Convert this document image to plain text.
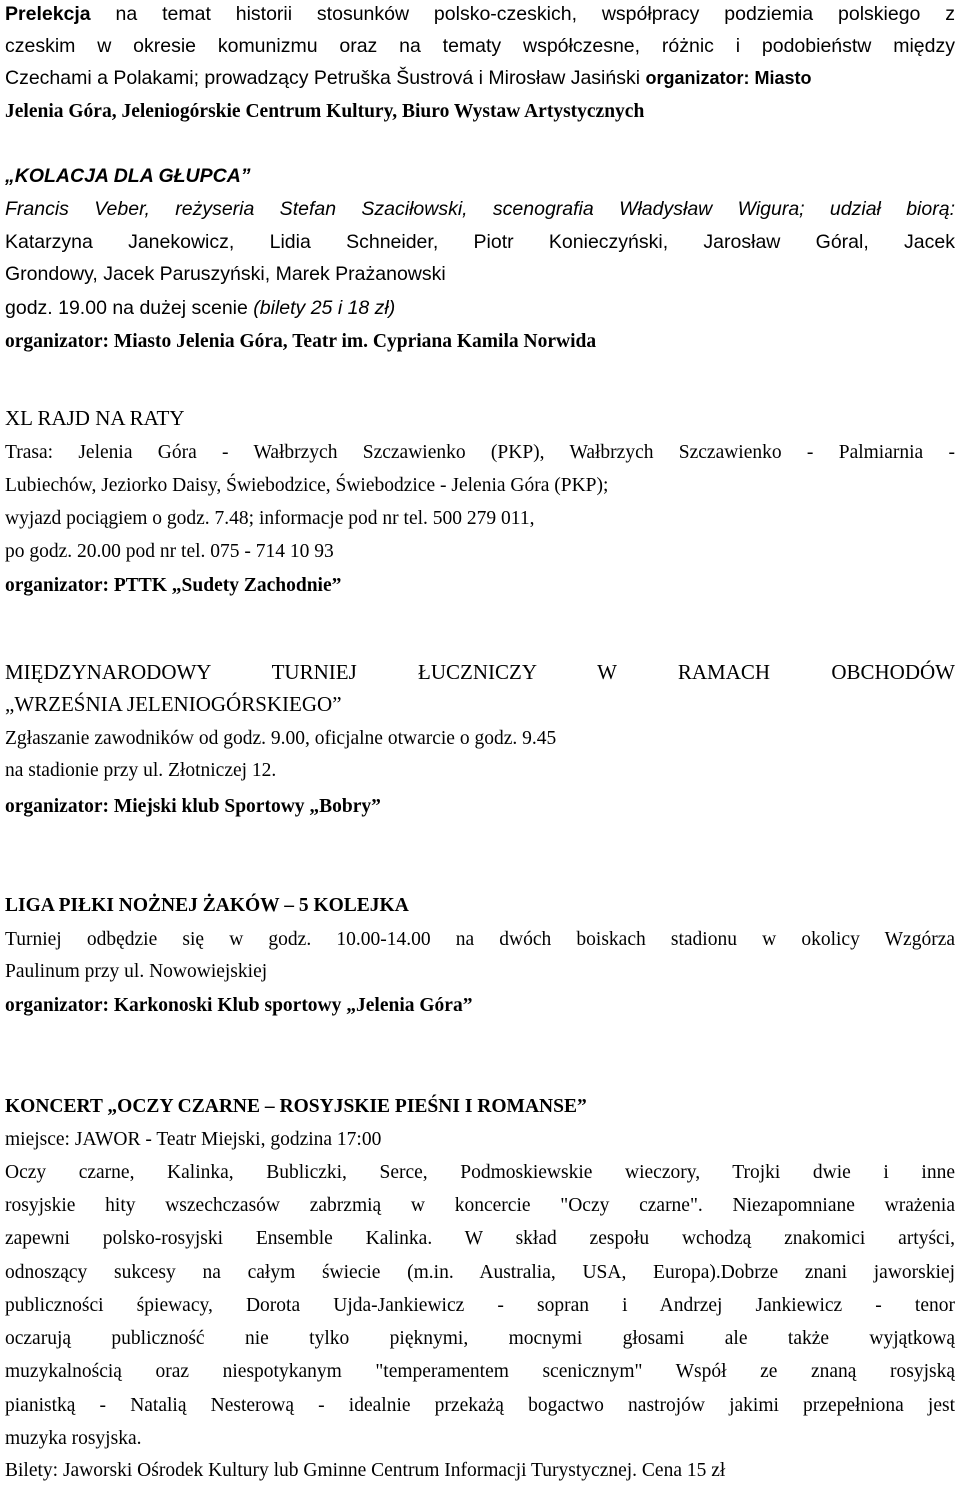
Prelekcja na temat historii stosunków polsko-czeskich, współpracy podziemia polskiego z
czeskim w okresie komunizmu oraz na tematy współczesne, różnic i podobieństw między
Czechami a Polakami; prowadzący Petruška Šustrová i Mirosław Jasiński organizator: Miasto
Jelenia Góra, Jeleniogórskie Centrum Kultury, Biuro Wystaw Artystycznych
„KOLACJA DLA GŁUPCA”
Francis Veber, reżyseria Stefan Szaciłowski, scenografia Władysław Wigura; udział biorą:
Katarzyna Janekowicz, Lidia Schneider, Piotr Konieczyński, Jarosław Góral, Jacek
Grondowy, Jacek Paruszyński, Marek Prażanowski
godz. 19.00 na dużej scenie (bilety 25 i 18 zł)
organizator: Miasto Jelenia Góra, Teatr im. Cypriana Kamila Norwida
XL RAJD NA RATY
Trasa: Jelenia Góra - Wałbrzych Szczawienko (PKP), Wałbrzych Szczawienko - Palmiarnia -
Lubiechów, Jeziorko Daisy, Świebodzice, Świebodzice - Jelenia Góra (PKP);
wyjazd pociągiem o godz. 7.48; informacje pod nr tel. 500 279 011,
po godz. 20.00 pod nr tel. 075 - 714 10 93
organizator: PTTK „Sudety Zachodnie”
MIĘDZYNARODOWY TURNIEJ ŁUCZNICZY W RAMACH OBCHODÓW
„WRZEŚNIA JELENIOGÓRSKIEGO”
Zgłaszanie zawodników od godz. 9.00, oficjalne otwarcie o godz. 9.45
na stadionie przy ul. Złotniczej 12.
organizator: Miejski klub Sportowy „Bobry”
LIGA PIŁKI NOŻNEJ ŻAKÓW – 5 KOLEJKA
Turniej odbędzie się w godz. 10.00-14.00 na dwóch boiskach stadionu w okolicy Wzgórza
Paulinum przy ul. Nowowiejskiej
organizator: Karkonoski Klub sportowy „Jelenia Góra”
KONCERT „OCZY CZARNE – ROSYJSKIE PIEŚNI I ROMANSE”
miejsce: JAWOR - Teatr Miejski, godzina 17:00
Oczy czarne, Kalinka, Bubliczki, Serce, Podmoskiewskie wieczory, Trojki dwie i inne
rosyjskie hity wszechczasów zabrzmią w koncercie "Oczy czarne". Niezapomniane wrażenia
zapewni polsko-rosyjski Ensemble Kalinka. W skład zespołu wchodzą znakomici artyści,
odnoszący sukcesy na całym świecie (m.in. Australia, USA, Europa).Dobrze znani jaworskiej
publiczności śpiewacy, Dorota Ujda-Jankiewicz - sopran i Andrzej Jankiewicz - tenor
oczarują publiczność nie tylko pięknymi, mocnymi głosami ale także wyjątkową
muzykalnością oraz niespotykanym "temperamentem scenicznym" Współ ze znaną rosyjską
pianistką - Natalią Nesterową - idealnie przekażą bogactwo nastrojów jakimi przepełniona jest
muzyka rosyjska.
Bilety: Jaworski Ośrodek Kultury lub Gminne Centrum Informacji Turystycznej. Cena 15 zł
